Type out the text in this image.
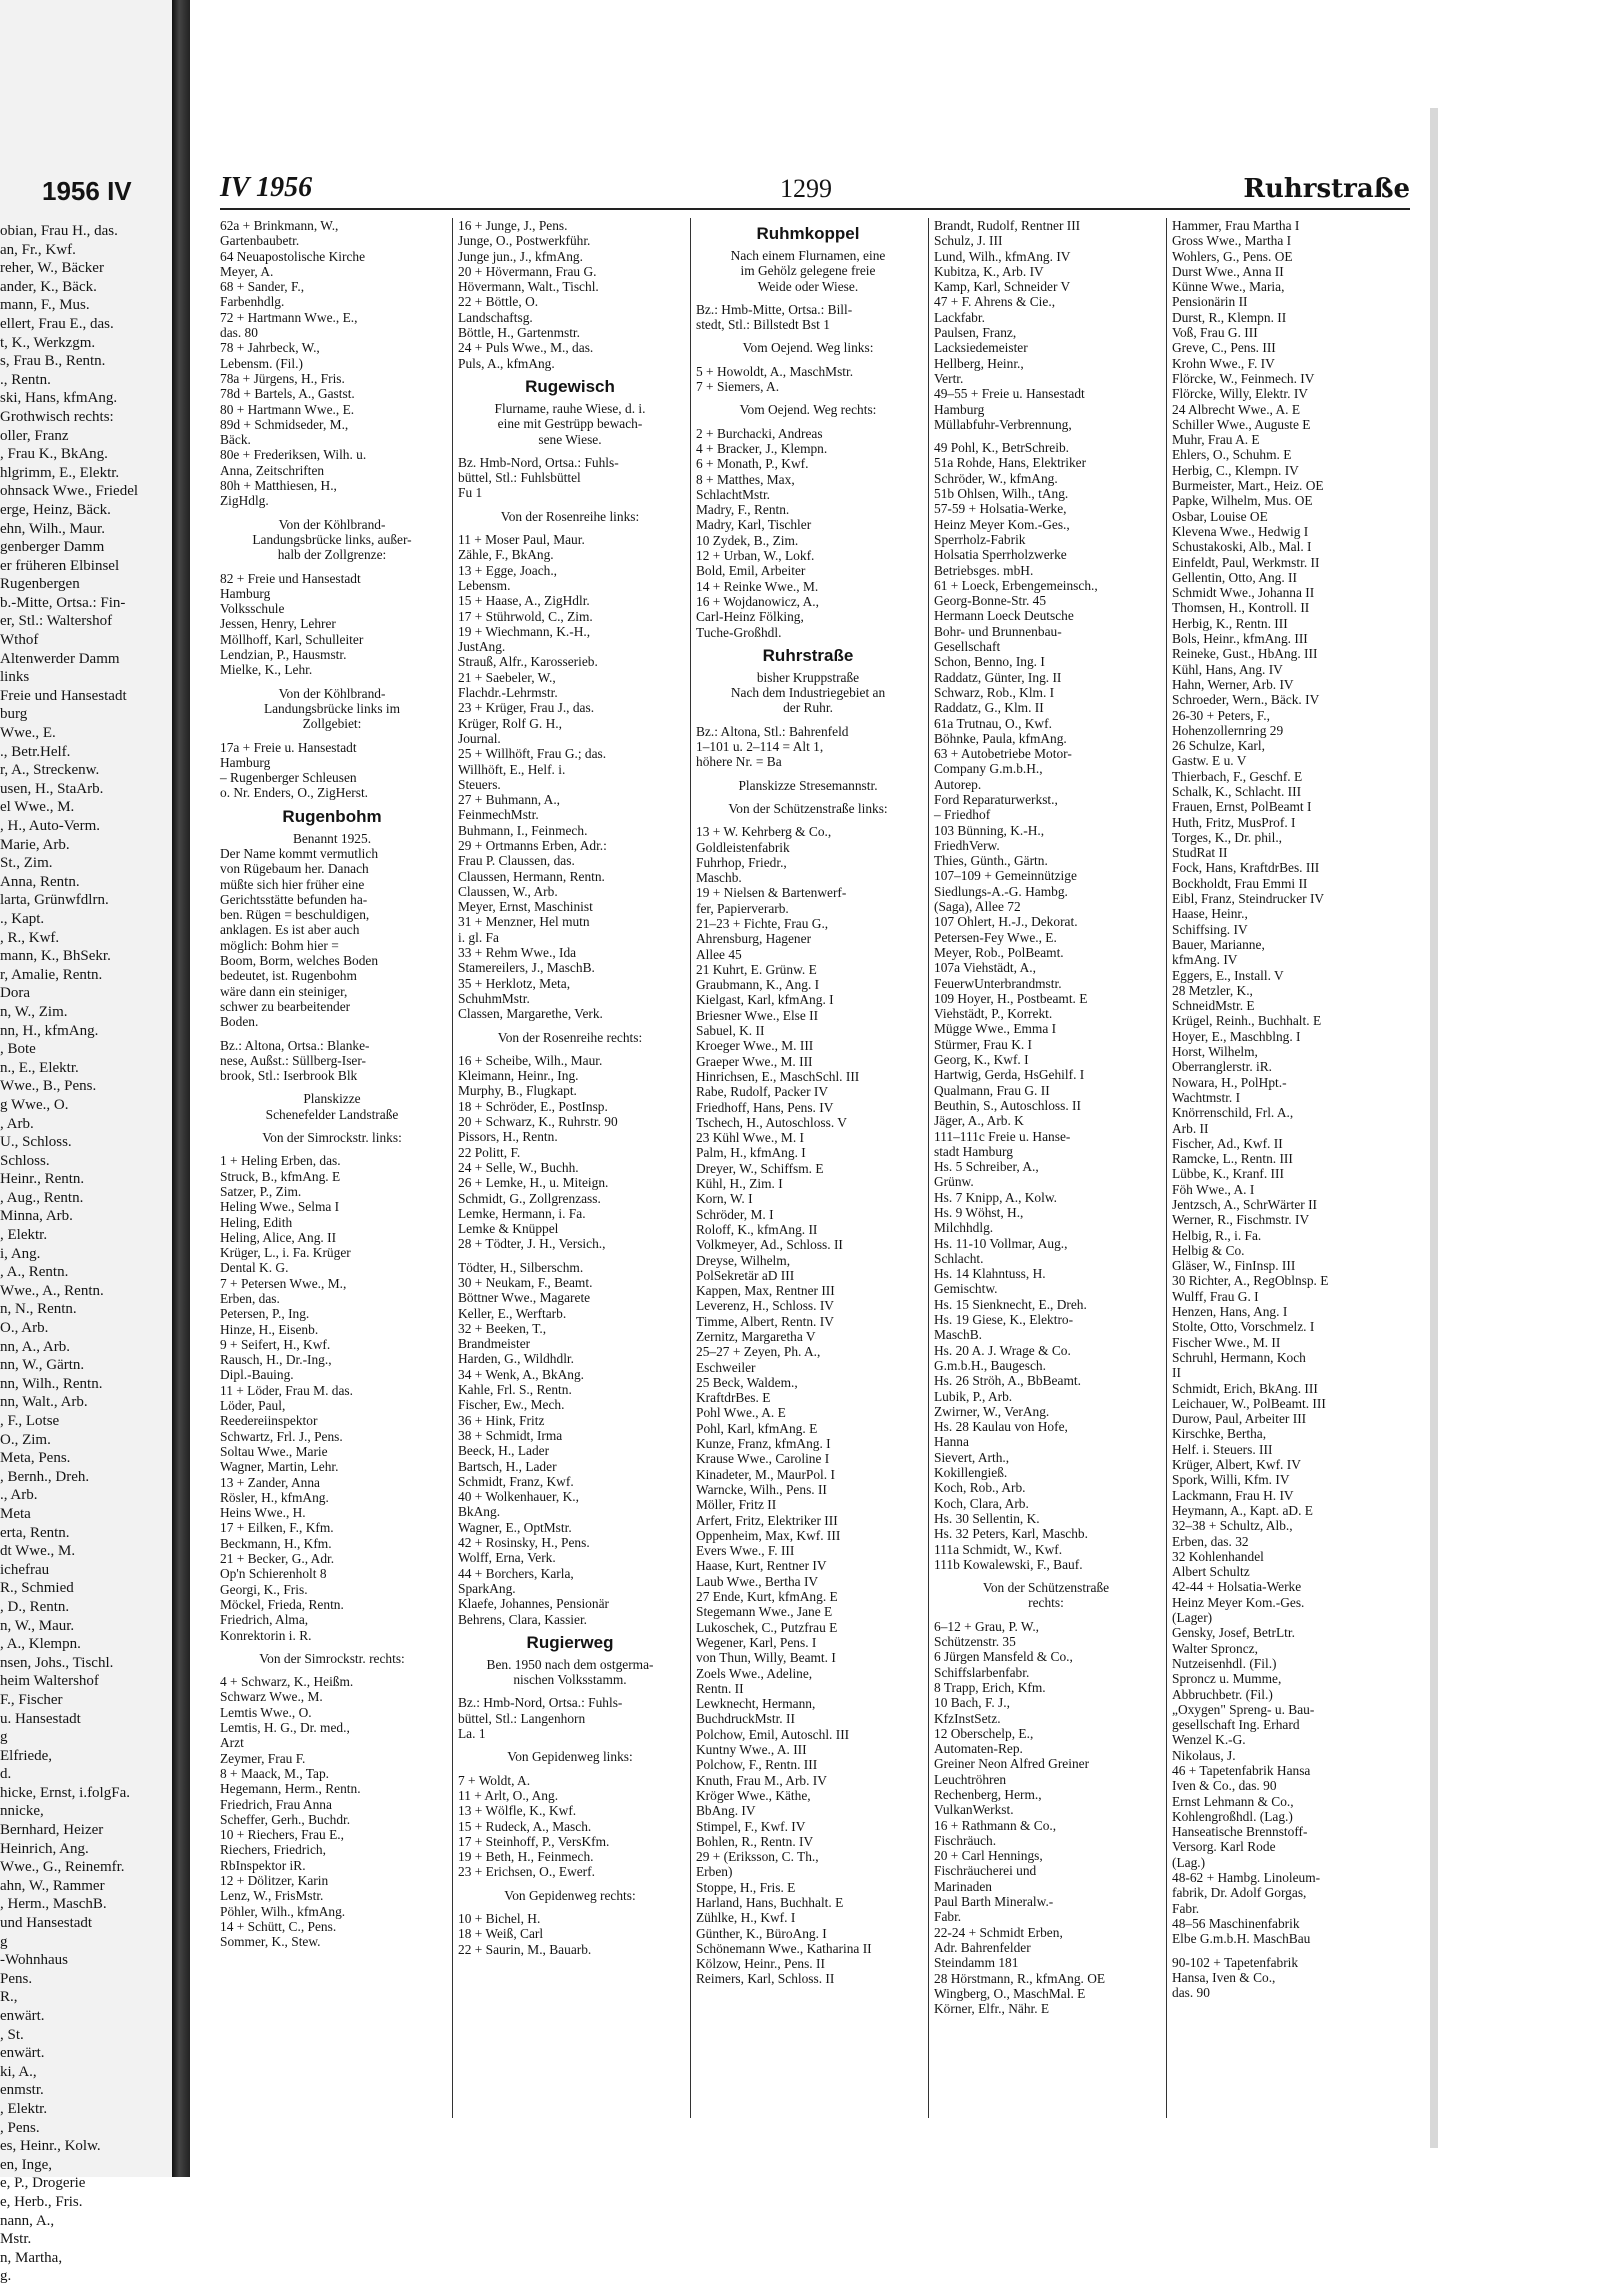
1956 IV
obian, Frau H., das.
an, Fr., Kwf.
reher, W., Bäcker
ander, K., Bäck.
mann, F., Mus.
ellert, Frau E., das.
t, K., Werkzgm.
s, Frau B., Rentn.
., Rentn.
ski, Hans, kfmAng.
Grothwisch rechts:
oller, Franz
, Frau K., BkAng.
hlgrimm, E., Elektr.
ohnsack Wwe., Friedel
erge, Heinz, Bäck.
ehn, Wilh., Maur.
genberger Damm
er früheren Elbinsel
Rugenbergen
b.-Mitte, Ortsa.: Fin-
er, Stl.: Waltershof
Wthof
Altenwerder Damm
links
Freie und Hansestadt
burg
Wwe., E.
., Betr.Helf.
r, A., Streckenw.
usen, H., StaArb.
el Wwe., M.
, H., Auto-Verm.
Marie, Arb.
St., Zim.
Anna, Rentn.
larta, Grünwfdlrn.
., Kapt.
, R., Kwf.
mann, K., BhSekr.
r, Amalie, Rentn.
Dora
n, W., Zim.
nn, H., kfmAng.
, Bote
n., E., Elektr.
Wwe., B., Pens.
g Wwe., O.
, Arb.
U., Schloss.
Schloss.
Heinr., Rentn.
, Aug., Rentn.
Minna, Arb.
, Elektr.
i, Ang.
, A., Rentn.
Wwe., A., Rentn.
n, N., Rentn.
O., Arb.
nn, A., Arb.
nn, W., Gärtn.
nn, Wilh., Rentn.
nn, Walt., Arb.
, F., Lotse
O., Zim.
Meta, Pens.
, Bernh., Dreh.
., Arb.
Meta
erta, Rentn.
dt Wwe., M.
ichefrau
R., Schmied
, D., Rentn.
n, W., Maur.
, A., Klempn.
nsen, Johs., Tischl.
heim Waltershof
F., Fischer
u. Hansestadt
g
Elfriede,
d.
hicke, Ernst, i.folgFa.
nnicke,
Bernhard, Heizer
Heinrich, Ang.
Wwe., G., Reinemfr.
ahn, W., Rammer
, Herm., MaschB.
und Hansestadt
g
-Wohnhaus
Pens.
R.,
enwärt.
, St.
enwärt.
ki, A.,
enmstr.
, Elektr.
, Pens.
es, Heinr., Kolw.
en, Inge,
e, P., Drogerie
e, Herb., Fris.
nann, A.,
Mstr.
n, Martha,
g.
IV 1956	1299	Ruhrstraße
62a + Brinkmann, W.,
Gartenbaubetr.
64 Neuapostolische Kirche
Meyer, A.
68 + Sander, F.,
Farbenhdlg.
72 + Hartmann Wwe., E.,
das. 80
78 + Jahrbeck, W.,
Lebensm. (Fil.)
78a + Jürgens, H., Fris.
78d + Bartels, A., Gastst.
80 + Hartmann Wwe., E.
89d + Schmidseder, M.,
Bäck.
80e + Frederiksen, Wilh. u.
Anna, Zeitschriften
80h + Matthiesen, H.,
ZigHdlg.
Von der Köhlbrand-
Landungsbrücke links, außer-
halb der Zollgrenze:
82 + Freie und Hansestadt
Hamburg
Volksschule
Jessen, Henry, Lehrer
Möllhoff, Karl, Schulleiter
Lendzian, P., Hausmstr.
Mielke, K., Lehr.
Von der Köhlbrand-
Landungsbrücke links im
Zollgebiet:
17a + Freie u. Hansestadt
Hamburg
– Rugenberger Schleusen
o. Nr. Enders, O., ZigHerst.
Rugenbohm
Benannt 1925.
Der Name kommt vermutlich
von Rügebaum her. Danach
müßte sich hier früher eine
Gerichtsstätte befunden ha-
ben. Rügen = beschuldigen,
anklagen. Es ist aber auch
möglich: Bohm hier =
Boom, Borm, welches Boden
bedeutet, ist. Rugenbohm
wäre dann ein steiniger,
schwer zu bearbeitender
Boden.
Bz.: Altona, Ortsa.: Blanke-
nese, Außst.: Süllberg-Iser-
brook, Stl.: Iserbrook Blk
Planskizze
Schenefelder Landstraße
Von der Simrockstr. links:
1 + Heling Erben, das.
Struck, B., kfmAng. E
Satzer, P., Zim.
Heling Wwe., Selma I
Heling, Edith
Heling, Alice, Ang. II
Krüger, L., i. Fa. Krüger
Dental K. G.
7 + Petersen Wwe., M.,
Erben, das.
Petersen, P., Ing.
Hinze, H., Eisenb.
9 + Seifert, H., Kwf.
Rausch, H., Dr.-Ing.,
Dipl.-Bauing.
11 + Löder, Frau M. das.
Löder, Paul,
Reedereiinspektor
Schwartz, Frl. J., Pens.
Soltau Wwe., Marie
Wagner, Martin, Lehr.
13 + Zander, Anna
Rösler, H., kfmAng.
Heins Wwe., H.
17 + Eilken, F., Kfm.
Beckmann, H., Kfm.
21 + Becker, G., Adr.
Op'n Schierenholt 8
Georgi, K., Fris.
Möckel, Frieda, Rentn.
Friedrich, Alma,
Konrektorin i. R.
Von der Simrockstr. rechts:
4 + Schwarz, K., Heißm.
Schwarz Wwe., M.
Lemtis Wwe., O.
Lemtis, H. G., Dr. med.,
Arzt
Zeymer, Frau F.
8 + Maack, M., Tap.
Hegemann, Herm., Rentn.
Friedrich, Frau Anna
Scheffer, Gerh., Buchdr.
10 + Riechers, Frau E.,
Riechers, Friedrich,
RbInspektor iR.
12 + Dölitzer, Karin
Lenz, W., FrisMstr.
Pöhler, Wilh., kfmAng.
14 + Schütt, C., Pens.
Sommer, K., Stew.
16 + Junge, J., Pens.
Junge, O., Postwerkführ.
Junge jun., J., kfmAng.
20 + Hövermann, Frau G.
Hövermann, Walt., Tischl.
22 + Böttle, O.
Landschaftsg.
Böttle, H., Gartenmstr.
24 + Puls Wwe., M., das.
Puls, A., kfmAng.
Rugewisch
Flurname, rauhe Wiese, d. i.
eine mit Gestrüpp bewach-
sene Wiese.
Bz. Hmb-Nord, Ortsa.: Fuhls-
büttel, Stl.: Fuhlsbüttel
Fu 1
Von der Rosenreihe links:
11 + Moser Paul, Maur.
Zähle, F., BkAng.
13 + Egge, Joach.,
Lebensm.
15 + Haase, A., ZigHdlr.
17 + Stührwold, C., Zim.
19 + Wiechmann, K.-H.,
JustAng.
Strauß, Alfr., Karosserieb.
21 + Saebeler, W.,
Flachdr.-Lehrmstr.
23 + Krüger, Frau J., das.
Krüger, Rolf G. H.,
Journal.
25 + Willhöft, Frau G.; das.
Willhöft, E., Helf. i.
Steuers.
27 + Buhmann, A.,
FeinmechMstr.
Buhmann, I., Feinmech.
29 + Ortmanns Erben, Adr.:
Frau P. Claussen, das.
Claussen, Hermann, Rentn.
Claussen, W., Arb.
Meyer, Ernst, Maschinist
31 + Menzner, Hel mutn
i. gl. Fa
33 + Rehm Wwe., Ida
Stamereilers, J., MaschB.
35 + Herklotz, Meta,
SchuhmMstr.
Classen, Margarethe, Verk.
Von der Rosenreihe rechts:
16 + Scheibe, Wilh., Maur.
Kleimann, Heinr., Ing.
Murphy, B., Flugkapt.
18 + Schröder, E., PostInsp.
20 + Schwarz, K., Ruhrstr. 90
Pissors, H., Rentn.
22 Politt, F.
24 + Selle, W., Buchh.
26 + Lemke, H., u. Miteign.
Schmidt, G., Zollgrenzass.
Lemke, Hermann, i. Fa.
Lemke & Knüppel
28 + Tödter, J. H., Versich.,
Tödter, H., Silberschm.
30 + Neukam, F., Beamt.
Böttner Wwe., Magarete
Keller, E., Werftarb.
32 + Beeken, T.,
Brandmeister
Harden, G., Wildhdlr.
34 + Wenk, A., BkAng.
Kahle, Frl. S., Rentn.
Fischer, Ew., Mech.
36 + Hink, Fritz
38 + Schmidt, Irma
Beeck, H., Lader
Bartsch, H., Lader
Schmidt, Franz, Kwf.
40 + Wolkenhauer, K.,
BkAng.
Wagner, E., OptMstr.
42 + Rosinsky, H., Pens.
Wolff, Erna, Verk.
44 + Borchers, Karla,
SparkAng.
Klaefe, Johannes, Pensionär
Behrens, Clara, Kassier.
Rugierweg
Ben. 1950 nach dem ostgerma-
nischen Volksstamm.
Bz.: Hmb-Nord, Ortsa.: Fuhls-
büttel, Stl.: Langenhorn
La. 1
Von Gepidenweg links:
7 + Woldt, A.
11 + Arlt, O., Ang.
13 + Wölfle, K., Kwf.
15 + Rudeck, A., Masch.
17 + Steinhoff, P., VersKfm.
19 + Beth, H., Feinmech.
23 + Erichsen, O., Ewerf.
Von Gepidenweg rechts:
10 + Bichel, H.
18 + Weiß, Carl
22 + Saurin, M., Bauarb.
Ruhmkoppel
Nach einem Flurnamen, eine
im Gehölz gelegene freie
Weide oder Wiese.
Bz.: Hmb-Mitte, Ortsa.: Bill-
stedt, Stl.: Billstedt Bst 1
Vom Oejend. Weg links:
5 + Howoldt, A., MaschMstr.
7 + Siemers, A.
Vom Oejend. Weg rechts:
2 + Burchacki, Andreas
4 + Bracker, J., Klempn.
6 + Monath, P., Kwf.
8 + Matthes, Max,
SchlachtMstr.
Madry, F., Rentn.
Madry, Karl, Tischler
10 Zydek, B., Zim.
12 + Urban, W., Lokf.
Bold, Emil, Arbeiter
14 + Reinke Wwe., M.
16 + Wojdanowicz, A.,
Carl-Heinz Fölking,
Tuche-Großhdl.
Ruhrstraße
bisher Kruppstraße
Nach dem Industriegebiet an
der Ruhr.
Bz.: Altona, Stl.: Bahrenfeld
1–101 u. 2–114 = Alt 1,
höhere Nr. = Ba
Planskizze Stresemannstr.
Von der Schützenstraße links:
13 + W. Kehrberg & Co.,
Goldleistenfabrik
Fuhrhop, Friedr.,
Maschb.
19 + Nielsen & Bartenwerf-
fer, Papierverarb.
21–23 + Fichte, Frau G.,
Ahrensburg, Hagener
Allee 45
21 Kuhrt, E. Grünw. E
Graubmann, K., Ang. I
Kielgast, Karl, kfmAng. I
Briesner Wwe., Else II
Sabuel, K. II
Kroeger Wwe., M. III
Graeper Wwe., M. III
Hinrichsen, E., MaschSchl. III
Rabe, Rudolf, Packer IV
Friedhoff, Hans, Pens. IV
Tschech, H., Autoschloss. V
23 Kühl Wwe., M. I
Palm, H., kfmAng. I
Dreyer, W., Schiffsm. E
Kühl, H., Zim. I
Korn, W. I
Schröder, M. I
Roloff, K., kfmAng. II
Volkmeyer, Ad., Schloss. II
Dreyse, Wilhelm,
PolSekretär aD III
Kappen, Max, Rentner III
Leverenz, H., Schloss. IV
Timme, Albert, Rentn. IV
Zernitz, Margaretha V
25–27 + Zeyen, Ph. A.,
Eschweiler
25 Beck, Waldem.,
KraftdrBes. E
Pohl Wwe., A. E
Pohl, Karl, kfmAng. E
Kunze, Franz, kfmAng. I
Krause Wwe., Caroline I
Kinadeter, M., MaurPol. I
Warncke, Wilh., Pens. II
Möller, Fritz II
Arfert, Fritz, Elektriker III
Oppenheim, Max, Kwf. III
Evers Wwe., F. III
Haase, Kurt, Rentner IV
Laub Wwe., Bertha IV
27 Ende, Kurt, kfmAng. E
Stegemann Wwe., Jane E
Lukoschek, C., Putzfrau E
Wegener, Karl, Pens. I
von Thun, Willy, Beamt. I
Zoels Wwe., Adeline,
Rentn. II
Lewknecht, Hermann,
BuchdruckMstr. II
Polchow, Emil, Autoschl. III
Kuntny Wwe., A. III
Polchow, F., Rentn. III
Knuth, Frau M., Arb. IV
Kröger Wwe., Käthe,
BbAng. IV
Stimpel, F., Kwf. IV
Bohlen, R., Rentn. IV
29 + (Eriksson, C. Th.,
Erben)
Stoppe, H., Fris. E
Harland, Hans, Buchhalt. E
Zühlke, H., Kwf. I
Günther, K., BüroAng. I
Schönemann Wwe., Katharina II
Kölzow, Heinr., Pens. II
Reimers, Karl, Schloss. II
Brandt, Rudolf, Rentner III
Schulz, J. III
Lund, Wilh., kfmAng. IV
Kubitza, K., Arb. IV
Kamp, Karl, Schneider V
47 + F. Ahrens & Cie.,
Lackfabr.
Paulsen, Franz,
Lacksiedemeister
Hellberg, Heinr.,
Vertr.
49–55 + Freie u. Hansestadt
Hamburg
Müllabfuhr-Verbrennung,
49 Pohl, K., BetrSchreib.
51a Rohde, Hans, Elektriker
Schröder, W., kfmAng.
51b Ohlsen, Wilh., tAng.
57-59 + Holsatia-Werke,
Heinz Meyer Kom.-Ges.,
Sperrholz-Fabrik
Holsatia Sperrholzwerke
Betriebsges. mbH.
61 + Loeck, Erbengemeinsch.,
Georg-Bonne-Str. 45
Hermann Loeck Deutsche
Bohr- und Brunnenbau-
Gesellschaft
Schon, Benno, Ing. I
Raddatz, Günter, Ing. II
Schwarz, Rob., Klm. I
Raddatz, G., Klm. II
61a Trutnau, O., Kwf.
Böhnke, Paula, kfmAng.
63 + Autobetriebe Motor-
Company G.m.b.H.,
Autorep.
Ford Reparaturwerkst.,
– Friedhof
103 Bünning, K.-H.,
FriedhVerw.
Thies, Günth., Gärtn.
107–109 + Gemeinnützige
Siedlungs-A.-G. Hambg.
(Saga), Allee 72
107 Ohlert, H.-J., Dekorat.
Petersen-Fey Wwe., E.
Meyer, Rob., PolBeamt.
107a Viehstädt, A.,
FeuerwUnterbrandmstr.
109 Hoyer, H., Postbeamt. E
Viehstädt, P., Korrekt.
Mügge Wwe., Emma I
Stürmer, Frau K. I
Georg, K., Kwf. I
Hartwig, Gerda, HsGehilf. I
Qualmann, Frau G. II
Beuthin, S., Autoschloss. II
Jäger, A., Arb. K
111–111c Freie u. Hanse-
stadt Hamburg
Hs. 5 Schreiber, A.,
Grünw.
Hs. 7 Knipp, A., Kolw.
Hs. 9 Wöhst, H.,
Milchhdlg.
Hs. 11-10 Vollmar, Aug.,
Schlacht.
Hs. 14 Klahntuss, H.
Gemischtw.
Hs. 15 Sienknecht, E., Dreh.
Hs. 19 Giese, K., Elektro-
MaschB.
Hs. 20 A. J. Wrage & Co.
G.m.b.H., Baugesch.
Hs. 26 Ströh, A., BbBeamt.
Lubik, P., Arb.
Zwirner, W., VerAng.
Hs. 28 Kaulau von Hofe,
Hanna
Sievert, Arth.,
Kokillengieß.
Koch, Rob., Arb.
Koch, Clara, Arb.
Hs. 30 Sellentin, K.
Hs. 32 Peters, Karl, Maschb.
111a Schmidt, W., Kwf.
111b Kowalewski, F., Bauf.
Von der Schützenstraße
rechts:
6–12 + Grau, P. W.,
Schützenstr. 35
6 Jürgen Mansfeld & Co.,
Schiffslarbenfabr.
8 Trapp, Erich, Kfm.
10 Bach, F. J.,
KfzInstSetz.
12 Oberschelp, E.,
Automaten-Rep.
Greiner Neon Alfred Greiner
Leuchtröhren
Rechenberg, Herm.,
VulkanWerkst.
16 + Rathmann & Co.,
Fischräuch.
20 + Carl Hennings,
Fischräucherei und
Marinaden
Paul Barth Mineralw.-
Fabr.
22-24 + Schmidt Erben,
Adr. Bahrenfelder
Steindamm 181
28 Hörstmann, R., kfmAng. OE
Wingberg, O., MaschMal. E
Körner, Elfr., Nähr. E
Hammer, Frau Martha I
Gross Wwe., Martha I
Wohlers, G., Pens. OE
Durst Wwe., Anna II
Künne Wwe., Maria,
Pensionärin II
Durst, R., Klempn. II
Voß, Frau G. III
Greve, C., Pens. III
Krohn Wwe., F. IV
Flörcke, W., Feinmech. IV
Flörcke, Willy, Elektr. IV
24 Albrecht Wwe., A. E
Schiller Wwe., Auguste E
Muhr, Frau A. E
Ehlers, O., Schuhm. E
Herbig, C., Klempn. IV
Burmeister, Mart., Heiz. OE
Papke, Wilhelm, Mus. OE
Osbar, Louise OE
Klevena Wwe., Hedwig I
Schustakoski, Alb., Mal. I
Einfeldt, Paul, Werkmstr. II
Gellentin, Otto, Ang. II
Schmidt Wwe., Johanna II
Thomsen, H., Kontroll. II
Herbig, K., Rentn. III
Bols, Heinr., kfmAng. III
Reineke, Gust., HbAng. III
Kühl, Hans, Ang. IV
Hahn, Werner, Arb. IV
Schroeder, Wern., Bäck. IV
26-30 + Peters, F.,
Hohenzollernring 29
26 Schulze, Karl,
Gastw. E u. V
Thierbach, F., Geschf. E
Schalk, K., Schlacht. III
Frauen, Ernst, PolBeamt I
Huth, Fritz, MusProf. I
Torges, K., Dr. phil.,
StudRat II
Fock, Hans, KraftdrBes. III
Bockholdt, Frau Emmi II
Eibl, Franz, Steindrucker IV
Haase, Heinr.,
Schiffsing. IV
Bauer, Marianne,
kfmAng. IV
Eggers, E., Install. V
28 Metzler, K.,
SchneidMstr. E
Krügel, Reinh., Buchhalt. E
Hoyer, E., Maschblng. I
Horst, Wilhelm,
Oberranglerstr. iR.
Nowara, H., PolHpt.-
Wachtmstr. I
Knörrenschild, Frl. A.,
Arb. II
Fischer, Ad., Kwf. II
Ramcke, L., Rentn. III
Lübbe, K., Kranf. III
Föh Wwe., A. I
Jentzsch, A., SchrWärter II
Werner, R., Fischmstr. IV
Helbig, R., i. Fa.
Helbig & Co.
Gläser, W., FinInsp. III
30 Richter, A., RegOblnsp. E
Wulff, Frau G. I
Henzen, Hans, Ang. I
Stolte, Otto, Vorschmelz. I
Fischer Wwe., M. II
Schruhl, Hermann, Koch
II
Schmidt, Erich, BkAng. III
Leichauer, W., PolBeamt. III
Durow, Paul, Arbeiter III
Kirschke, Bertha,
Helf. i. Steuers. III
Krüger, Albert, Kwf. IV
Spork, Willi, Kfm. IV
Lackmann, Frau H. IV
Heymann, A., Kapt. aD. E
32–38 + Schultz, Alb.,
Erben, das. 32
32 Kohlenhandel
Albert Schultz
42-44 + Holsatia-Werke
Heinz Meyer Kom.-Ges.
(Lager)
Gensky, Josef, BetrLtr.
Walter Sproncz,
Nutzeisenhdl. (Fil.)
Spronсz u. Mumme,
Abbruchbetr. (Fil.)
„Oxygen" Spreng- u. Bau-
gesellschaft Ing. Erhard
Wenzel K.-G.
Nikolaus, J.
46 + Tapetenfabrik Hansa
Iven & Co., das. 90
Ernst Lehmann & Co.,
Kohlengroßhdl. (Lag.)
Hanseatische Brennstoff-
Versorg. Karl Rode
(Lag.)
48-62 + Hambg. Linoleum-
fabrik, Dr. Adolf Gorgas,
Fabr.
48–56 Maschinenfabrik
Elbe G.m.b.H. MaschBau
90-102 + Tapetenfabrik
Hansa, Iven & Co.,
das. 90
